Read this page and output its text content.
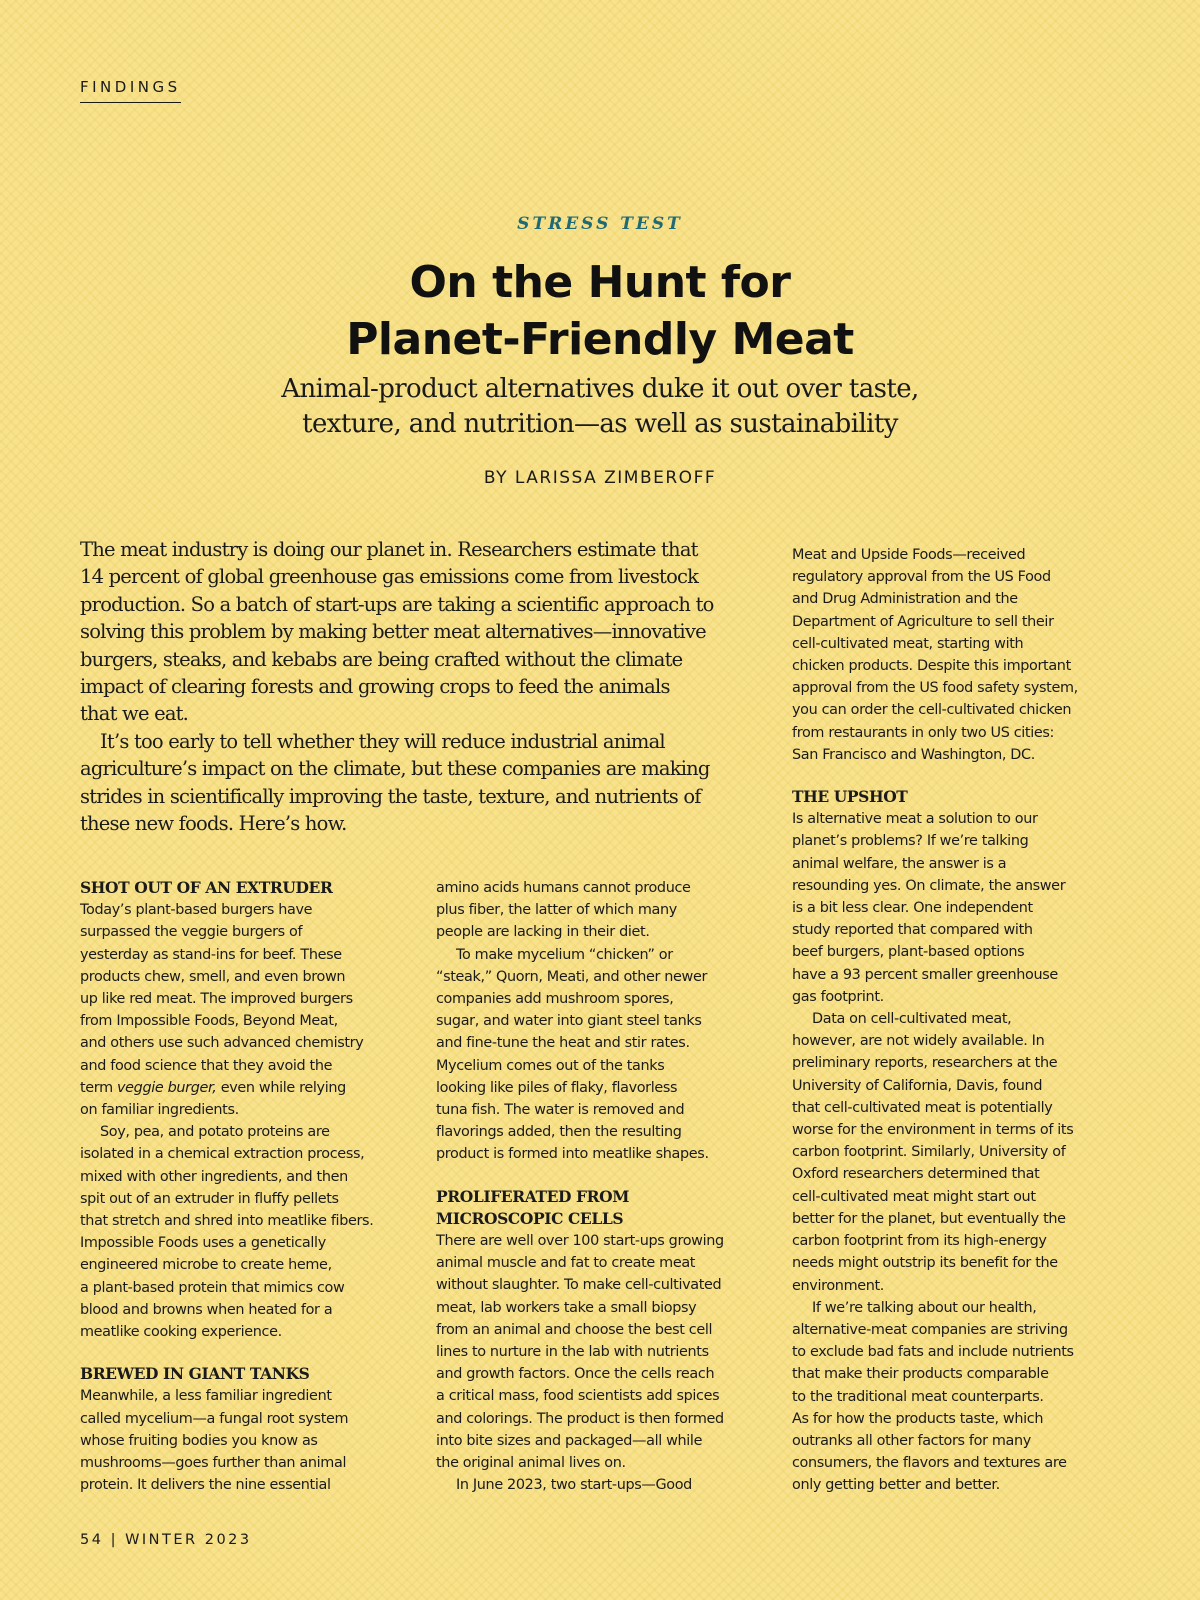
FINDINGS
STRESS TEST
On the Hunt for
Planet-Friendly Meat
Animal-product alternatives duke it out over taste,
texture, and nutrition—as well as sustainability
BY LARISSA ZIMBEROFF
The meat industry is doing our planet in. Researchers estimate that
14 percent of global greenhouse gas emissions come from livestock
production. So a batch of start-ups are taking a scientific approach to
solving this problem by making better meat alternatives—innovative
burgers, steaks, and kebabs are being crafted without the climate
impact of clearing forests and growing crops to feed the animals
that we eat.
It’s too early to tell whether they will reduce industrial animal
agriculture’s impact on the climate, but these companies are making
strides in scientifically improving the taste, texture, and nutrients of
these new foods. Here’s how.
SHOT OUT OF AN EXTRUDER
Today’s plant-based burgers have
surpassed the veggie burgers of
yesterday as stand-ins for beef. These
products chew, smell, and even brown
up like red meat. The improved burgers
from Impossible Foods, Beyond Meat,
and others use such advanced chemistry
and food science that they avoid the
term veggie burger, even while relying
on familiar ingredients.
Soy, pea, and potato proteins are
isolated in a chemical extraction process,
mixed with other ingredients, and then
spit out of an extruder in fluffy pellets
that stretch and shred into meatlike fibers.
Impossible Foods uses a genetically
engineered microbe to create heme,
a plant-based protein that mimics cow
blood and browns when heated for a
meatlike cooking experience.
BREWED IN GIANT TANKS
Meanwhile, a less familiar ingredient
called mycelium—a fungal root system
whose fruiting bodies you know as
mushrooms—goes further than animal
protein. It delivers the nine essential
amino acids humans cannot produce
plus fiber, the latter of which many
people are lacking in their diet.
To make mycelium “chicken” or
“steak,” Quorn, Meati, and other newer
companies add mushroom spores,
sugar, and water into giant steel tanks
and fine-tune the heat and stir rates.
Mycelium comes out of the tanks
looking like piles of flaky, flavorless
tuna fish. The water is removed and
flavorings added, then the resulting
product is formed into meatlike shapes.
PROLIFERATED FROM
MICROSCOPIC CELLS
There are well over 100 start-ups growing
animal muscle and fat to create meat
without slaughter. To make cell-cultivated
meat, lab workers take a small biopsy
from an animal and choose the best cell
lines to nurture in the lab with nutrients
and growth factors. Once the cells reach
a critical mass, food scientists add spices
and colorings. The product is then formed
into bite sizes and packaged—all while
the original animal lives on.
In June 2023, two start-ups—Good
Meat and Upside Foods—received
regulatory approval from the US Food
and Drug Administration and the
Department of Agriculture to sell their
cell-cultivated meat, starting with
chicken products. Despite this important
approval from the US food safety system,
you can order the cell-cultivated chicken
from restaurants in only two US cities:
San Francisco and Washington, DC.
THE UPSHOT
Is alternative meat a solution to our
planet’s problems? If we’re talking
animal welfare, the answer is a
resounding yes. On climate, the answer
is a bit less clear. One independent
study reported that compared with
beef burgers, plant-based options
have a 93 percent smaller greenhouse
gas footprint.
Data on cell-cultivated meat,
however, are not widely available. In
preliminary reports, researchers at the
University of California, Davis, found
that cell-cultivated meat is potentially
worse for the environment in terms of its
carbon footprint. Similarly, University of
Oxford researchers determined that
cell-cultivated meat might start out
better for the planet, but eventually the
carbon footprint from its high-energy
needs might outstrip its benefit for the
environment.
If we’re talking about our health,
alternative-meat companies are striving
to exclude bad fats and include nutrients
that make their products comparable
to the traditional meat counterparts.
As for how the products taste, which
outranks all other factors for many
consumers, the flavors and textures are
only getting better and better.
54 | WINTER 2023
